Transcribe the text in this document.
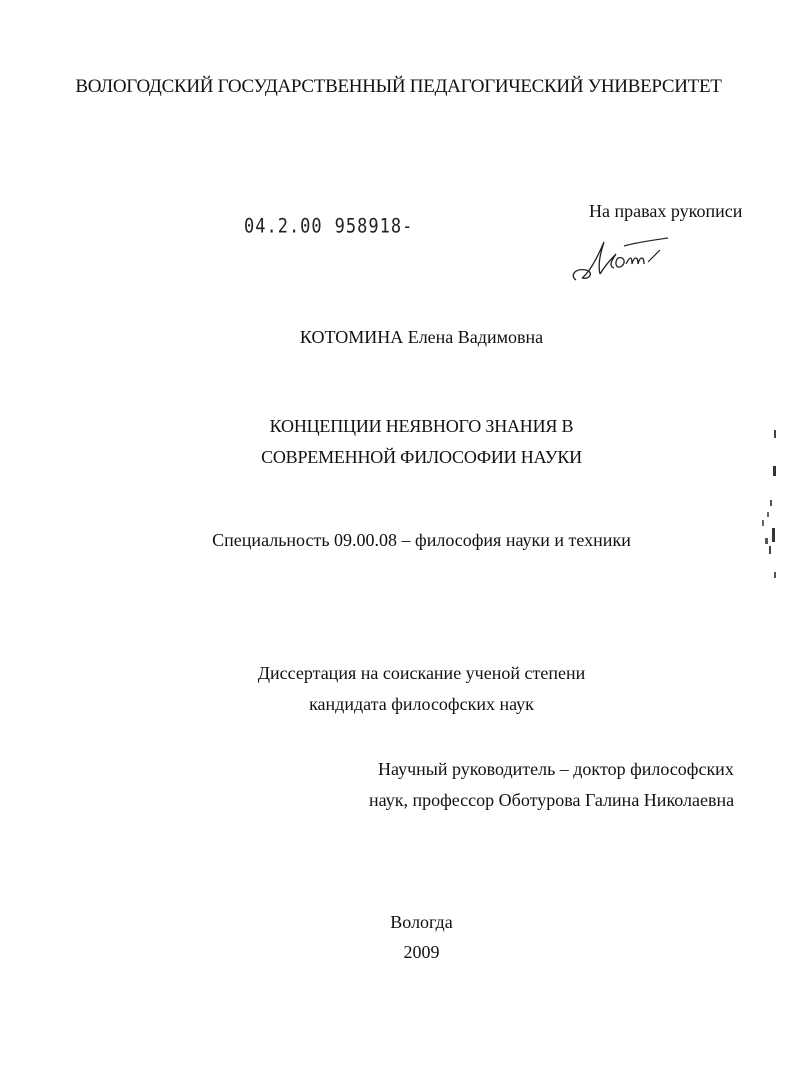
ВОЛОГОДСКИЙ ГОСУДАРСТВЕННЫЙ ПЕДАГОГИЧЕСКИЙ УНИВЕРСИТЕТ
04.2.00 958918-
На правах рукописи
КОТОМИНА Елена Вадимовна
КОНЦЕПЦИИ НЕЯВНОГО ЗНАНИЯ В
СОВРЕМЕННОЙ ФИЛОСОФИИ НАУКИ
Специальность 09.00.08 – философия науки и техники
Диссертация на соискание ученой степени
кандидата философских наук
Научный руководитель – доктор философских
наук, профессор Оботурова Галина Николаевна
Вологда
2009
